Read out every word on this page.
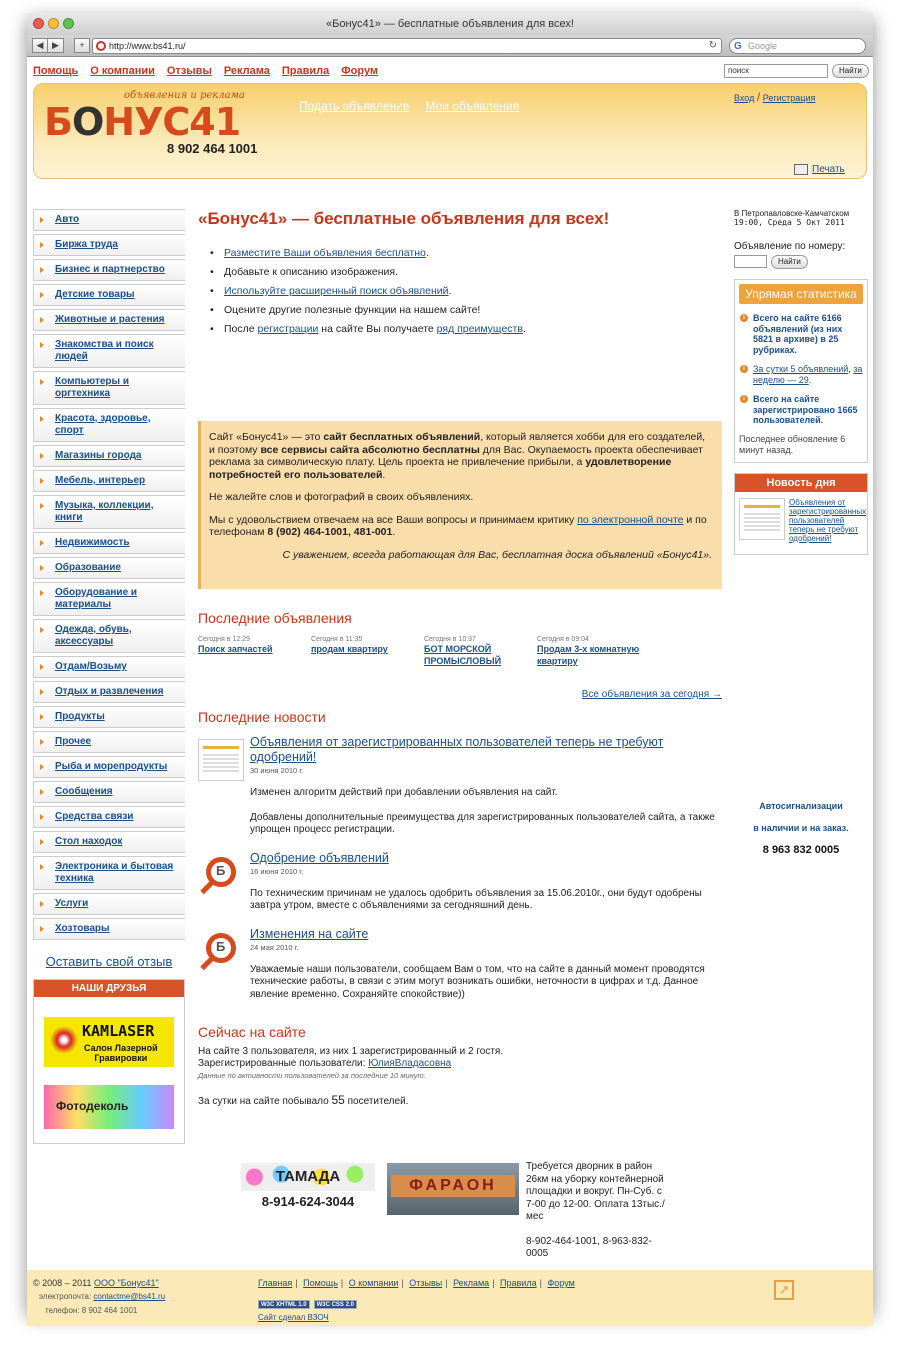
«Бонус41» — бесплатные объявления для всех!
◀ ▶	+	http://www.bs41.ru/	↻ G Google
Помощь О компании Отзывы Реклама Правила Форум	поиск	Найти
объявления и реклама
БОНУС41
8 902 464 1001
Подать объявление Мои объявления
Вход / Регистрация
Печать
Авто
Биржа труда
Бизнес и партнерство
Детские товары
Животные и растения
Знакомства и поиск людей
Компьютеры и оргтехника
Красота, здоровье, спорт
Магазины города
Мебель, интерьер
Музыка, коллекции, книги
Недвижимость
Образование
Оборудование и материалы
Одежда, обувь, аксессуары
Отдам/Возьму
Отдых и развлечения
Продукты
Прочее
Рыба и морепродукты
Сообщения
Средства связи
Стол находок
Электроника и бытовая техника
Услуги
Хозтовары
Оставить свой отзыв
НАШИ ДРУЗЬЯ
KAMLASER
Салон Лазерной
Гравировки
Фотодеколь
«Бонус41» — бесплатные объявления для всех!
• Разместите Ваши объявления бесплатно.
• Добавьте к описанию изображения.
• Используйте расширенный поиск объявлений.
• Оцените другие полезные функции на нашем сайте!
• После регистрации на сайте Вы получаете ряд преимуществ.

Сайт «Бонус41» — это сайт бесплатных объявлений, который является хобби для его создателей, и поэтому все сервисы сайта абсолютно бесплатны для Вас. Окупаемость проекта обеспечивает реклама за символическую плату. Цель проекта не привлечение прибыли, а удовлетворение потребностей его пользователей.

Не жалейте слов и фотографий в своих объявлениях.

Мы с удовольствием отвечаем на все Ваши вопросы и принимаем критику по электронной почте и по телефонам 8 (902) 464-1001, 481-001.

С уважением, всегда работающая для Вас, бесплатная доска объявлений «Бонус41».

Последние объявления
Сегодня в 12:29
Поиск запчастей
Сегодня в 11:35
продам квартиру
Сегодня в 10:37
БОТ МОРСКОЙ ПРОМЫСЛОВЫЙ
Сегодня в 09:04
Продам 3-х комнатную квартиру
Все объявления за сегодня →
Последние новости
Объявления от зарегистрированных пользователей теперь не требуют одобрений!
30 июня 2010 г.

Изменен алгоритм действий при добавлении объявления на сайт.

Добавлены дополнительные преимущества для зарегистрированных пользователей сайта, а также упрощен процесс регистрации.

Б
Одобрение объявлений
16 июня 2010 г.

По техническим причинам не удалось одобрить объявления за 15.06.2010г., они будут одобрены завтра утром, вместе с объявлениями за сегодняшний день.

Б
Изменения на сайте
24 мая 2010 г.

Уважаемые наши пользователи, сообщаем Вам о том, что на сайте в данный момент проводятся технические работы, в связи с этим могут возникать ошибки, неточности в цифрах и т.д. Данное явление временно. Сохраняйте спокойствие))

Сейчас на сайте
На сайте 3 пользователя, из них 1 зарегистрированный и 2 гостя.
Зарегистрированные пользователи: ЮлияВладасовна
Данные по активности пользователей за последние 10 минут.
За сутки на сайте побывало 55 посетителей.
В Петропавловске-Камчатском
19:00, Среда 5 Окт 2011
Объявление по номеру:
Найти
Упрямая статистика
i Всего на сайте 6166 объявлений (из них 5821 в архиве) в 25 рубриках.
i За сутки 5 объявлений, за неделю — 29.
i Всего на сайте зарегистрировано 1665 пользователей.
Последнее обновление 6 минут назад.
Новость дня
Объявления от зарегистрированных пользователей теперь не требуют одобрений!
Автосигнализации
в наличии и на заказ.
8 963 832 0005
ТАМАДА
8-914-624-3044
ФАРАОН
Требуется дворник в район 26км на уборку контейнерной площадки и вокруг. Пн-Суб. с 7-00 до 12-00. Оплата 13тыс./мес
8-902-464-1001, 8-963-832-0005
© 2008 – 2011 ООО "Бонус41"
электропочта: contactme@bs41.ru
телефон: 8 902 464 1001
Главная | Помощь | О компании | Отзывы | Реклама | Правила | Форум
W3C XHTML 1.0	W3C CSS 2.0
Сайт сделал ВЗОЧ
↗
